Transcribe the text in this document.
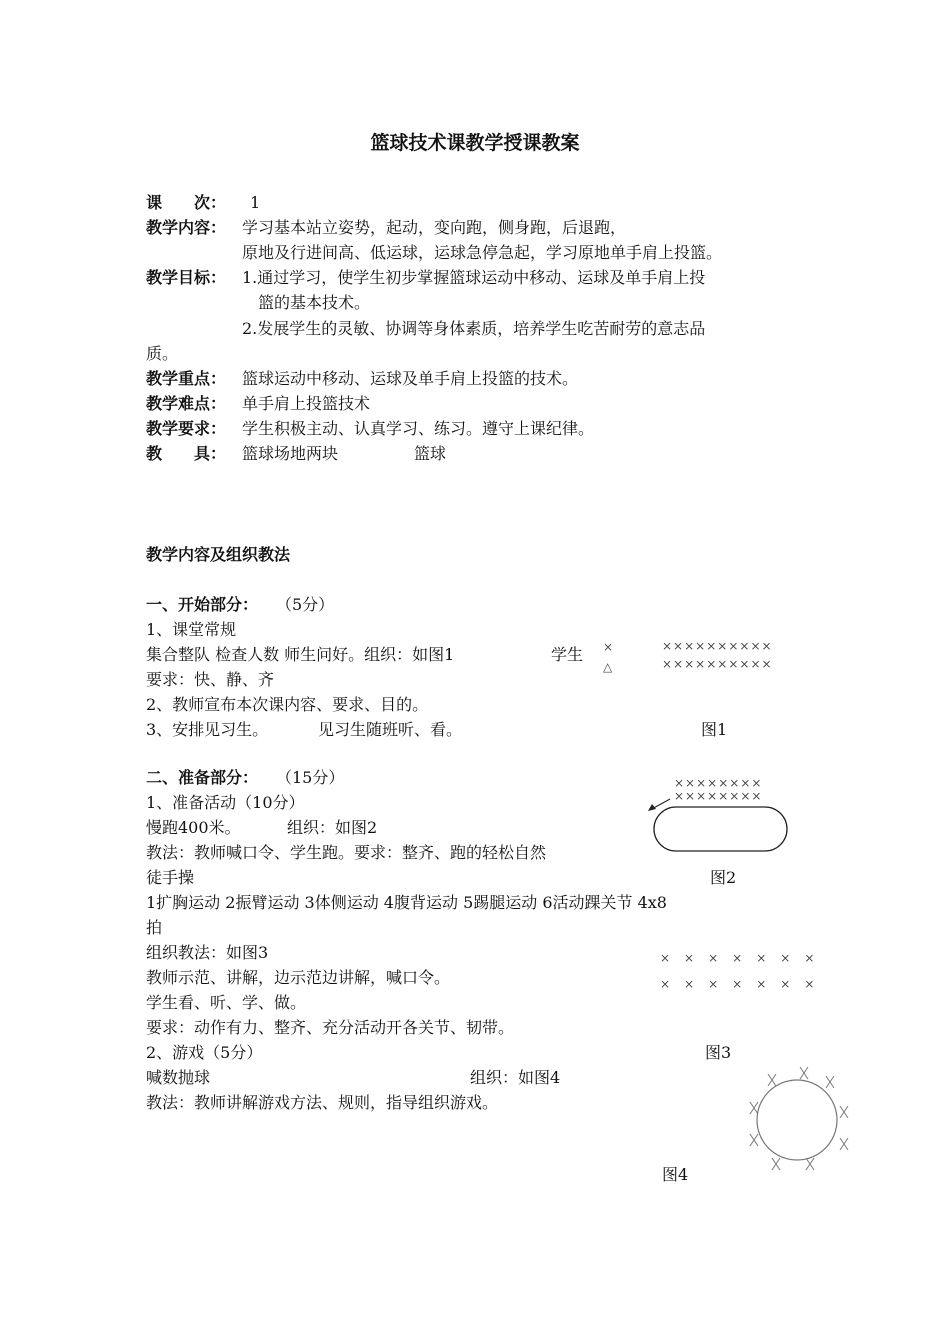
篮球技术课教学授课教案
课　　次： 1
教学内容： 学习基本站立姿势，起动，变向跑，侧身跑，后退跑，
原地及行进间高、低运球，运球急停急起，学习原地单手肩上投篮。
教学目标： 1.通过学习，使学生初步掌握篮球运动中移动、运球及单手肩上投
篮的基本技术。
2.发展学生的灵敏、协调等身体素质，培养学生吃苦耐劳的意志品
质。
教学重点： 篮球运动中移动、运球及单手肩上投篮的技术。
教学难点： 单手肩上投篮技术
教学要求： 学生积极主动、认真学习、练习。遵守上课纪律。
教　　具： 篮球场地两块	篮球
教学内容及组织教法
一、开始部分： （5分）
1、课堂常规
集合整队 检查人数 师生问好。组织：如图1	学生
要求：快、静、齐
2、教师宣布本次课内容、要求、目的。
3、安排见习生。	见习生随班听、看。
×
△
××××××××××
××××××××××
图1
二、准备部分： （15分）
1、准备活动（10分）
慢跑400米。	组织：如图2
教法：教师喊口令、学生跑。要求：整齐、跑的轻松自然
徒手操
××××××××
××××××××
图2
1扩胸运动 2振臂运动 3体侧运动 4腹背运动 5踢腿运动 6活动踝关节 4x8
拍
组织教法：如图3
教师示范、讲解，边示范边讲解，喊口令。
学生看、听、学、做。
要求：动作有力、整齐、充分活动开各关节、韧带。
2、游戏（5分）
×　×　×　×　×　×　×
×　×　×　×　×　×　×
图3
喊数抛球	组织：如图4
教法：教师讲解游戏方法、规则，指导组织游戏。
图4
